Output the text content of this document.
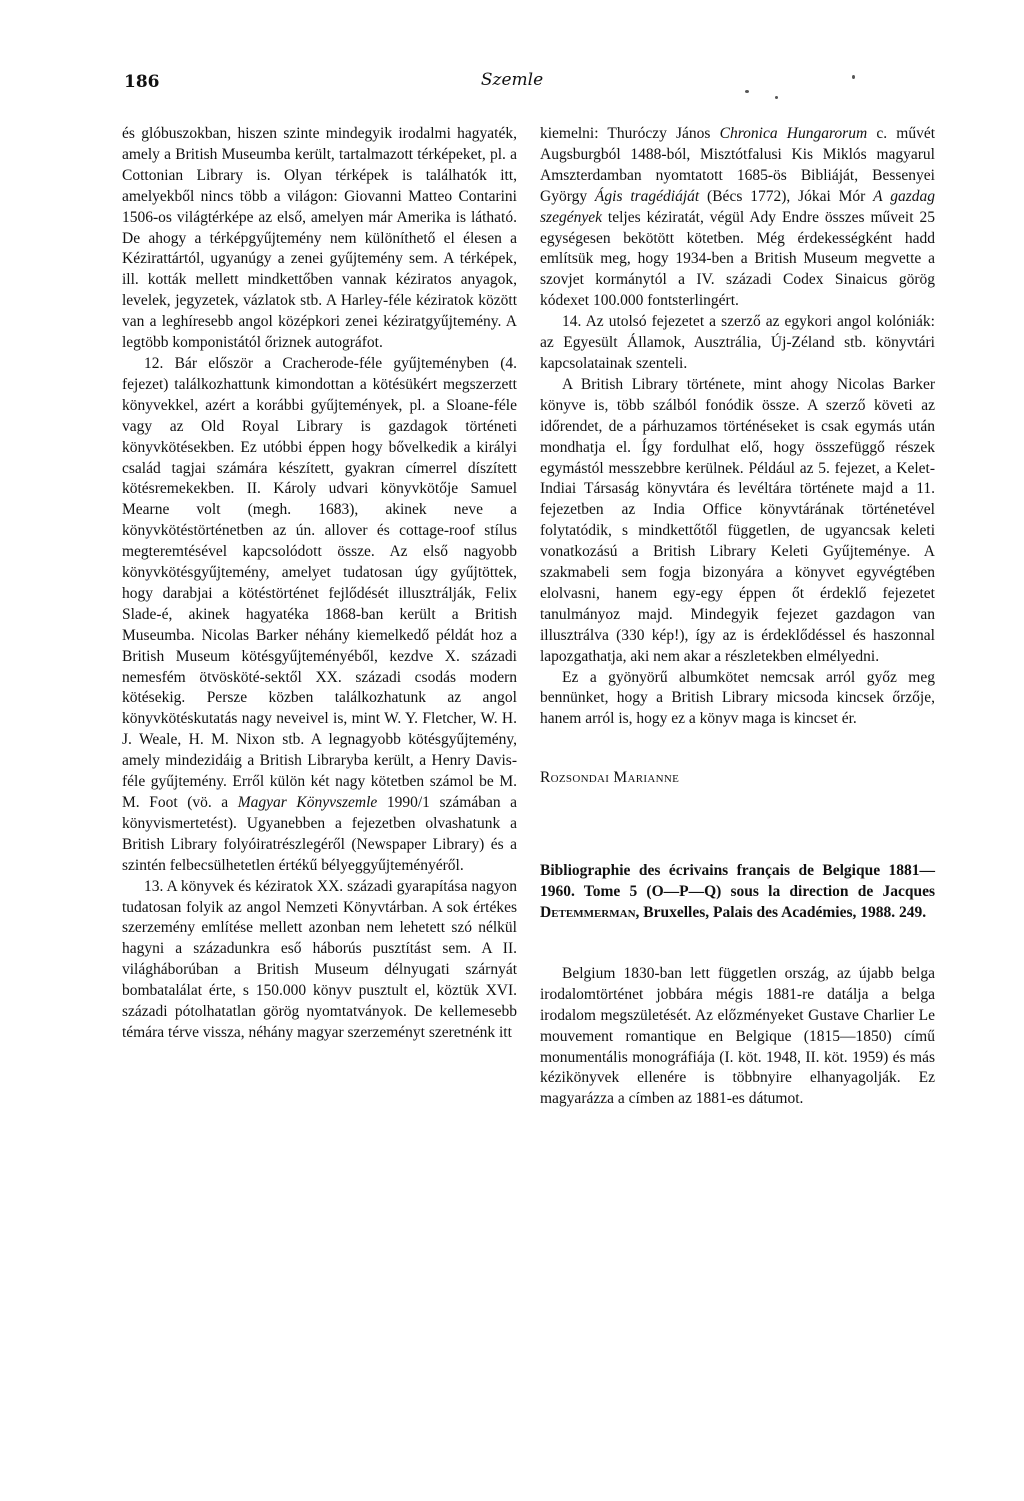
186	Szemle

és glóbuszokban, hiszen szinte mindegyik irodalmi hagyaték, amely a British Museumba került, tartalmazott térképeket, pl. a Cottonian Library is. Olyan térképek is találhatók itt, amelyekből nincs több a világon: Giovanni Matteo Contarini 1506-os világtérképe az első, amelyen már Amerika is látható. De ahogy a térképgyűjtemény nem különíthető el élesen a Kézirattártól, ugyanúgy a zenei gyűjtemény sem. A térképek, ill. kották mellett mindkettőben vannak kéziratos anyagok, levelek, jegyzetek, vázlatok stb. A Harley-féle kéziratok között van a leghíresebb angol középkori zenei kéziratgyűjtemény. A legtöbb komponistától őriznek autográfot.

12. Bár először a Cracherode-féle gyűjteményben (4. fejezet) találkozhattunk kimondottan a kötésükért megszerzett könyvekkel, azért a korábbi gyűjtemények, pl. a Sloane-féle vagy az Old Royal Library is gazdagok történeti könyvkötésekben. Ez utóbbi éppen hogy bővelkedik a királyi család tagjai számára készített, gyakran címerrel díszített kötésremekekben. II. Károly udvari könyvkötője Samuel Mearne volt (megh. 1683), akinek neve a könyvkötéstörténetben az ún. allover és cottage-roof stílus megteremtésével kapcsolódott össze. Az első nagyobb könyvkötésgyűjtemény, amelyet tudatosan úgy gyűjtöttek, hogy darabjai a kötéstörténet fejlődését illusztrálják, Felix Slade-é, akinek hagyatéka 1868-ban került a British Museumba. Nicolas Barker néhány kiemelkedő példát hoz a British Museum kötésgyűjteményéből, kezdve X. századi nemesfém ötvösköté-sektől XX. századi csodás modern kötésekig. Persze közben találkozhatunk az angol könyvkötéskutatás nagy neveivel is, mint W. Y. Fletcher, W. H. J. Weale, H. M. Nixon stb. A legnagyobb kötésgyűjtemény, amely mindezidáig a British Libraryba került, a Henry Davis-féle gyűjtemény. Erről külön két nagy kötetben számol be M. M. Foot (vö. a Magyar Könyvszemle 1990/1 számában a könyvismertetést). Ugyanebben a fejezetben olvashatunk a British Library folyóiratrészlegéről (Newspaper Library) és a szintén felbecsülhetetlen értékű bélyeggyűjteményéről.

13. A könyvek és kéziratok XX. századi gyarapítása nagyon tudatosan folyik az angol Nemzeti Könyvtárban. A sok értékes szerzemény említése mellett azonban nem lehetett szó nélkül hagyni a századunkra eső háborús pusztítást sem. A II. világháborúban a British Museum délnyugati szárnyát bombatalálat érte, s 150.000 könyv pusztult el, köztük XVI. századi pótolhatatlan görög nyomtatványok. De kellemesebb témára térve vissza, néhány magyar szerzeményt szeretnénk itt

kiemelni: Thuróczy János Chronica Hungarorum c. művét Augsburgból 1488-ból, Misztótfalusi Kis Miklós magyarul Amszterdamban nyomtatott 1685-ös Bibliáját, Bessenyei György Ágis tragédiáját (Bécs 1772), Jókai Mór A gazdag szegények teljes kéziratát, végül Ady Endre összes műveit 25 egységesen bekötött kötetben. Még érdekességként hadd említsük meg, hogy 1934-ben a British Museum megvette a szovjet kormánytól a IV. századi Codex Sinaicus görög kódexet 100.000 fontsterlingért.

14. Az utolsó fejezetet a szerző az egykori angol kolóniák: az Egyesült Államok, Ausztrália, Új-Zéland stb. könyvtári kapcsolatainak szenteli.

A British Library története, mint ahogy Nicolas Barker könyve is, több szálból fonódik össze. A szerző követi az időrendet, de a párhuzamos történéseket is csak egymás után mondhatja el. Így fordulhat elő, hogy összefüggő részek egymástól messzebbre kerülnek. Például az 5. fejezet, a Kelet-Indiai Társaság könyvtára és levéltára története majd a 11. fejezetben az India Office könyvtárának történetével folytatódik, s mindkettőtől független, de ugyancsak keleti vonatkozású a British Library Keleti Gyűjteménye. A szakmabeli sem fogja bizonyára a könyvet egyvégtében elolvasni, hanem egy-egy éppen őt érdeklő fejezetet tanulmányoz majd. Mindegyik fejezet gazdagon van illusztrálva (330 kép!), így az is érdeklődéssel és haszonnal lapozgathatja, aki nem akar a részletekben elmélyedni.

Ez a gyönyörű albumkötet nemcsak arról győz meg bennünket, hogy a British Library micsoda kincsek őrzője, hanem arról is, hogy ez a könyv maga is kincset ér.

Rozsondai Marianne

Bibliographie des écrivains français de Belgique 1881—1960. Tome 5 (O—P—Q) sous la direction de Jacques Detemmerman, Bruxelles, Palais des Académies, 1988. 249.

Belgium 1830-ban lett független ország, az újabb belga irodalomtörténet jobbára mégis 1881-re datálja a belga irodalom megszületését. Az előzményeket Gustave Charlier Le mouvement romantique en Belgique (1815—1850) című monumentális monográfiája (I. köt. 1948, II. köt. 1959) és más kézikönyvek ellenére is többnyire elhanyagolják. Ez magyarázza a címben az 1881-es dátumot.
